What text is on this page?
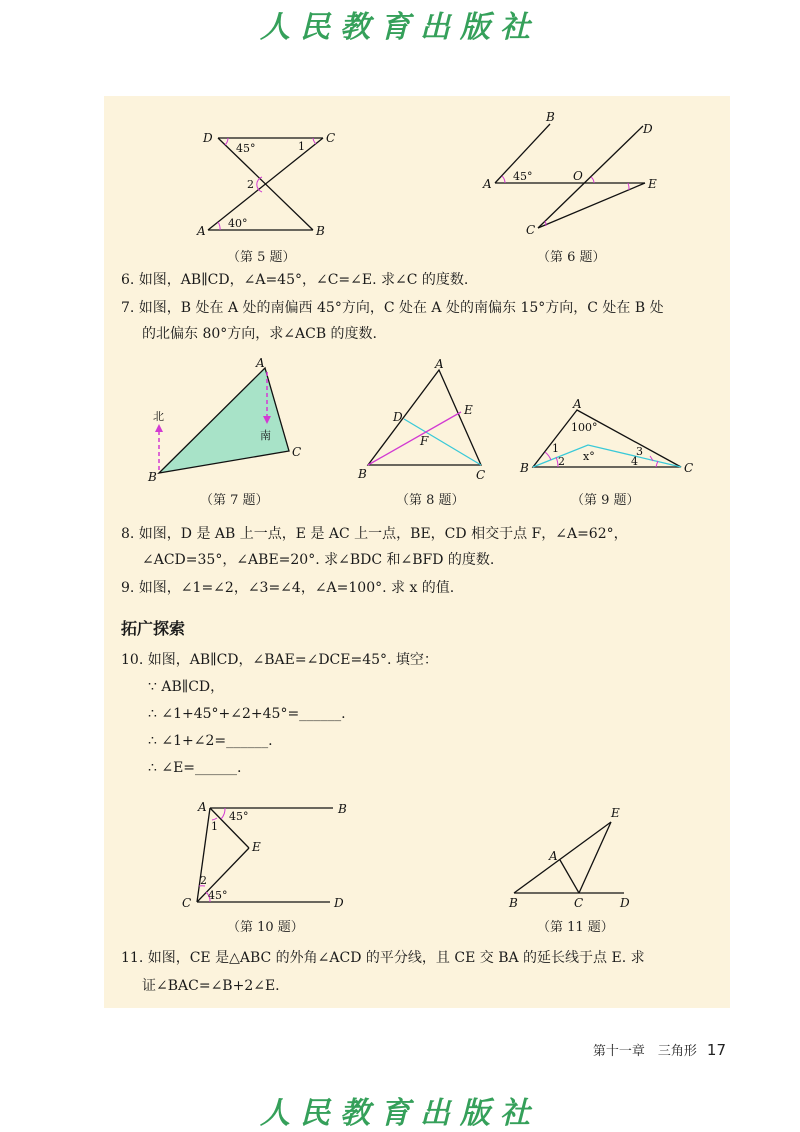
人民教育出版社
D	C
A	B
45°	1
2
40°
（第 5 题）
B
D
A
O
E
C
45°
（第 6 题）
6. 如图，AB∥CD，∠A=45°，∠C=∠E. 求∠C 的度数.
7. 如图，B 处在 A 处的南偏西 45°方向，C 处在 A 处的南偏东 15°方向，C 处在 B 处
的北偏东 80°方向，求∠ACB 的度数.
A
B
C
北
南
（第 7 题）
A
D	E
F
B	C
（第 8 题）
A
B	C
100°
1
2 x°	3
4
（第 9 题）
8. 如图，D 是 AB 上一点，E 是 AC 上一点，BE，CD 相交于点 F，∠A=62°，
∠ACD=35°，∠ABE=20°. 求∠BDC 和∠BFD 的度数.
9. 如图，∠1=∠2，∠3=∠4，∠A=100°. 求 x 的值.
拓广探索
10. 如图，AB∥CD，∠BAE=∠DCE=45°. 填空：
∵ AB∥CD，
∴ ∠1+45°+∠2+45°=______.
∴ ∠1+∠2=______.
∴ ∠E=______.
A	B
E
C	D
1
45°
2
45°
（第 10 题）
E
A
B	C	D
（第 11 题）
11. 如图，CE 是△ABC 的外角∠ACD 的平分线，且 CE 交 BA 的延长线于点 E. 求
证∠BAC=∠B+2∠E.
第十一章　三角形 17
人民教育出版社
